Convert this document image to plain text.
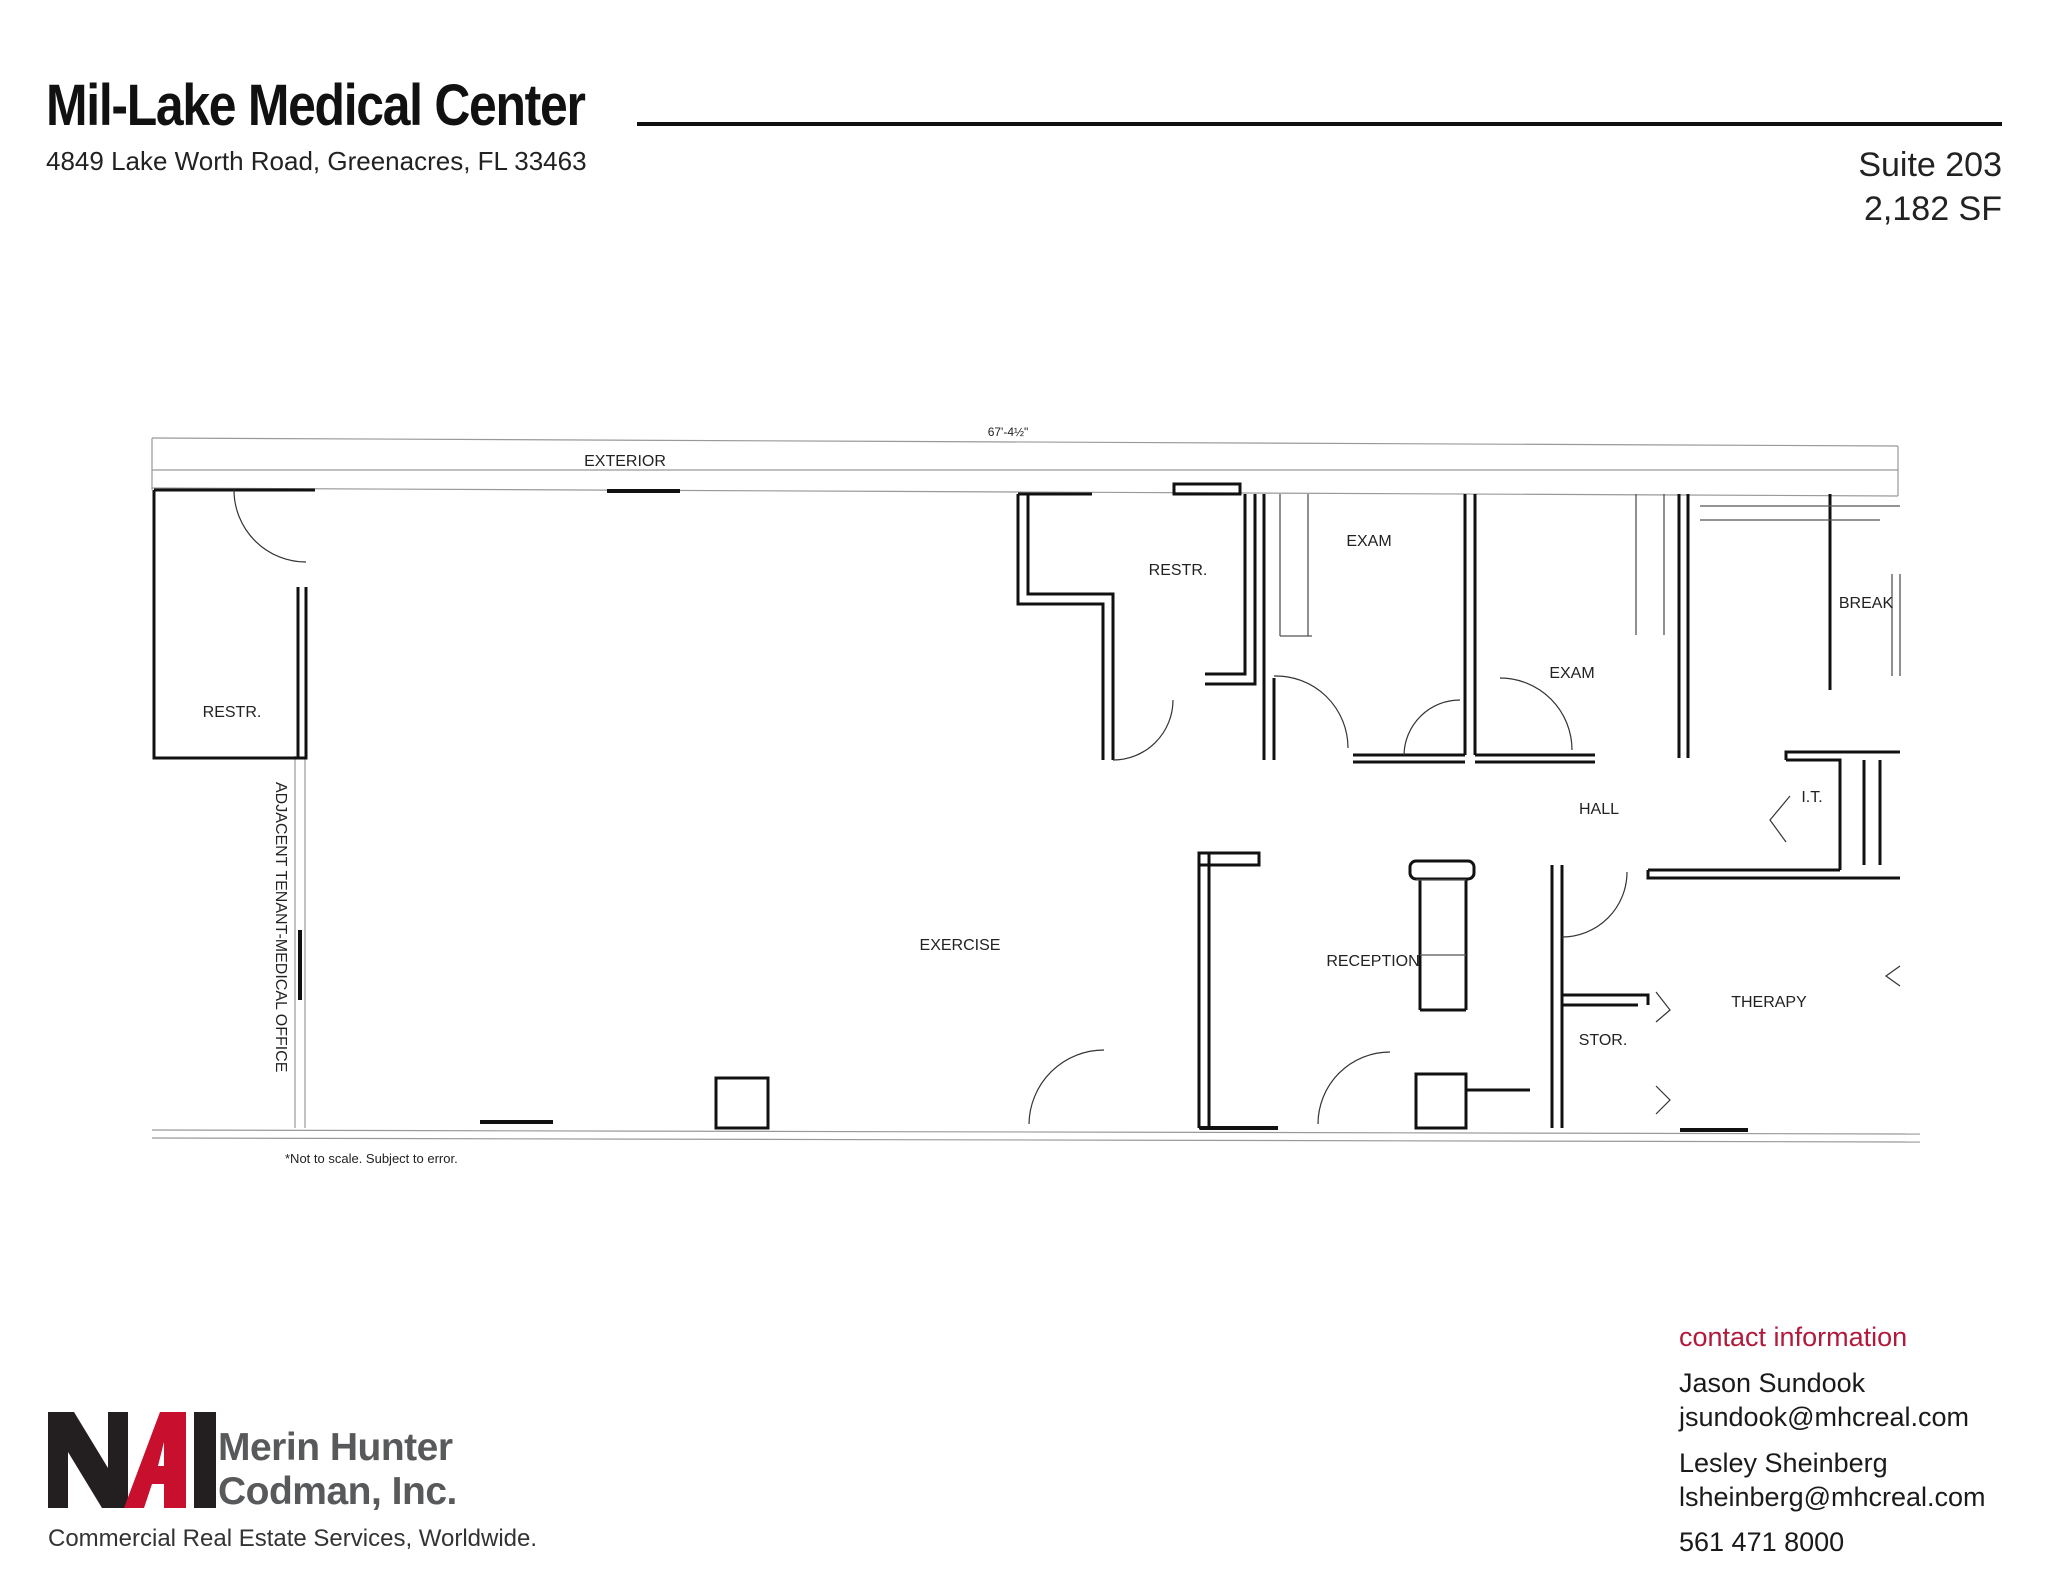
Mil-Lake Medical Center
4849 Lake Worth Road, Greenacres, FL 33463	Suite 203
2,182 SF
67'-4½"
EXTERIOR
ADJACENT TENANT-MEDICAL OFFICE
*Not to scale. Subject to error.
RESTR.
RESTR.
EXAM
EXAM
BREAK
HALL
I.T.
EXERCISE
RECEPTION
THERAPY
STOR.
contact information
Jason Sundook
jsundook@mhcreal.com
Lesley Sheinberg
lsheinberg@mhcreal.com
561 471 8000
Merin Hunter
Codman, Inc.
Commercial Real Estate Services, Worldwide.
